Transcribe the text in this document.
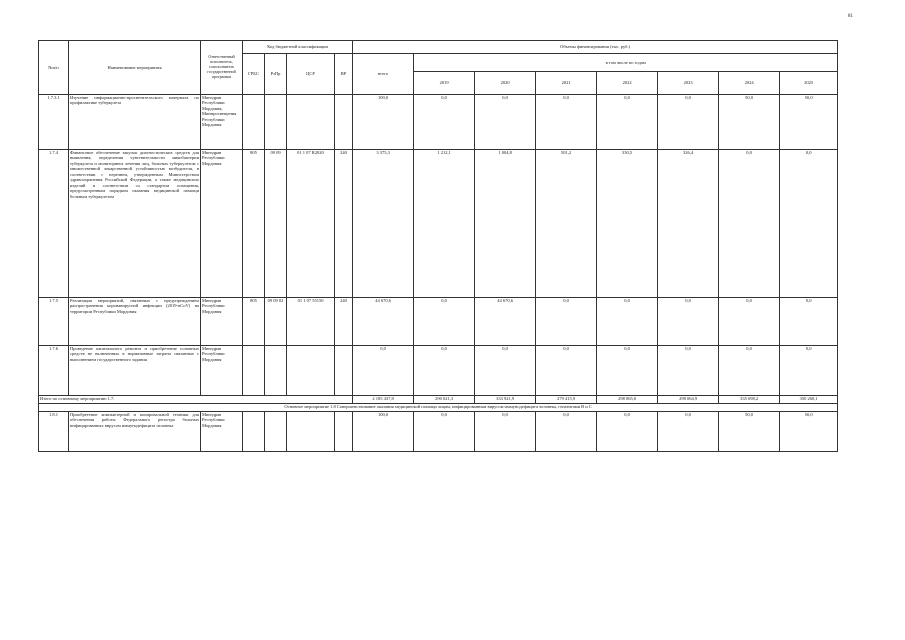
81
№п/п	Наименование мероприятия	Ответственный исполнитель, соисполнитель государственной программы	Код бюджетной классификации				Объемы финансирования (тыс. руб.)							
			ГРБС	РзПр	ЦСР	ВР	всего	в том числе по годам						
								2019	2020	2021	2022	2023	2024	2025
1.7.3.1	Изучение информационно-просветительского материала по профилактике туберкулеза	Минздрав Республики Мордовия, Минпросвещения Республики Мордовия					100,0	0,0	0,0	0,0	0,0	0,0	50,0	50,0
1.7.4	Финансовое обеспечение закупок диагностических средств для выявления, определения чувствительности микобактерии туберкулеза и мониторинга лечения лиц, больных туберкулезом с множественной лекарственной устойчивостью возбудителя, в соответствии с перечнем, утвержденным Министерством здравоохранения Российской Федерации, а также медицинских изделий в соответствии со стандартом оснащения, предусмотренным порядком оказания медицинской помощи больным туберкулезом	Минздрав Республики Мордовия	805	09 09	01 1 07 R2020	240	3 375,3	1 212,1	1 004,8	501,2	330,5	326,4	0,0	0,0
1.7.5	Реализация мероприятий, связанных с предупреждением распространения коронавирусной инфекции (2019-nCoV) на территории Республики Мордовия	Минздрав Республики Мордовия	805	09 09 02	01 1 07 55150	240	44 670,6	0,0	44 670,6	0,0	0,0	0,0	0,0	0,0
1.7.6	Проведение капитального ремонта и приобретение основных средств не включенных в нормативные затраты связанные с выполнением государственного задания	Минздрав Республики Мордовия					0,0	0,0	0,0	0,0	0,0	0,0	0,0	0,0
Итого по основному мероприятию 1.7:							2 185 437,8	290 021,3	333 921,9	279 415,9	298 065,0	298 064,9	335 698,2	350 260,1
Основное мероприятие 1.8 Совершенствование оказания медицинской помощи лицам, инфицированным вирусом иммунодефицита человека, гепатитами В и С														
1.8.1	Приобретение компьютерной и копировальной техники для обеспечения работы Федерального регистра больных инфицированных вирусом иммунодефицита человека	Минздрав Республики Мордовия					100,0	0,0	0,0	0,0	0,0	0,0	50,0	50,0
